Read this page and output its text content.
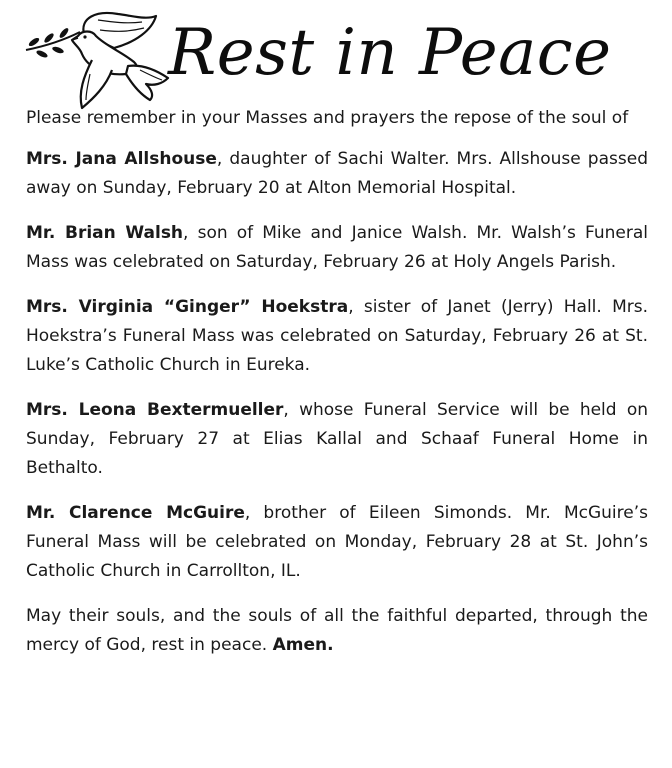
Rest in Peace

Please remember in your Masses and prayers the repose of the soul of

Mrs. Jana Allshouse, daughter of Sachi Walter. Mrs. Allshouse passed away on Sunday, February 20 at Alton Memorial Hospital.

Mr. Brian Walsh, son of Mike and Janice Walsh. Mr. Walsh’s Funeral Mass was celebrated on Saturday, February 26 at Holy Angels Parish.

Mrs. Virginia “Ginger” Hoekstra, sister of Janet (Jerry) Hall. Mrs. Hoekstra’s Funeral Mass was celebrated on Saturday, February 26 at St. Luke’s Catholic Church in Eureka.

Mrs. Leona Bextermueller, whose Funeral Service will be held on Sunday, February 27 at Elias Kallal and Schaaf Funeral Home in Bethalto.

Mr. Clarence McGuire, brother of Eileen Simonds. Mr. McGuire’s Funeral Mass will be celebrated on Monday, February 28 at St. John’s Catholic Church in Carrollton, IL.

May their souls, and the souls of all the faithful departed, through the mercy of God, rest in peace. Amen.
